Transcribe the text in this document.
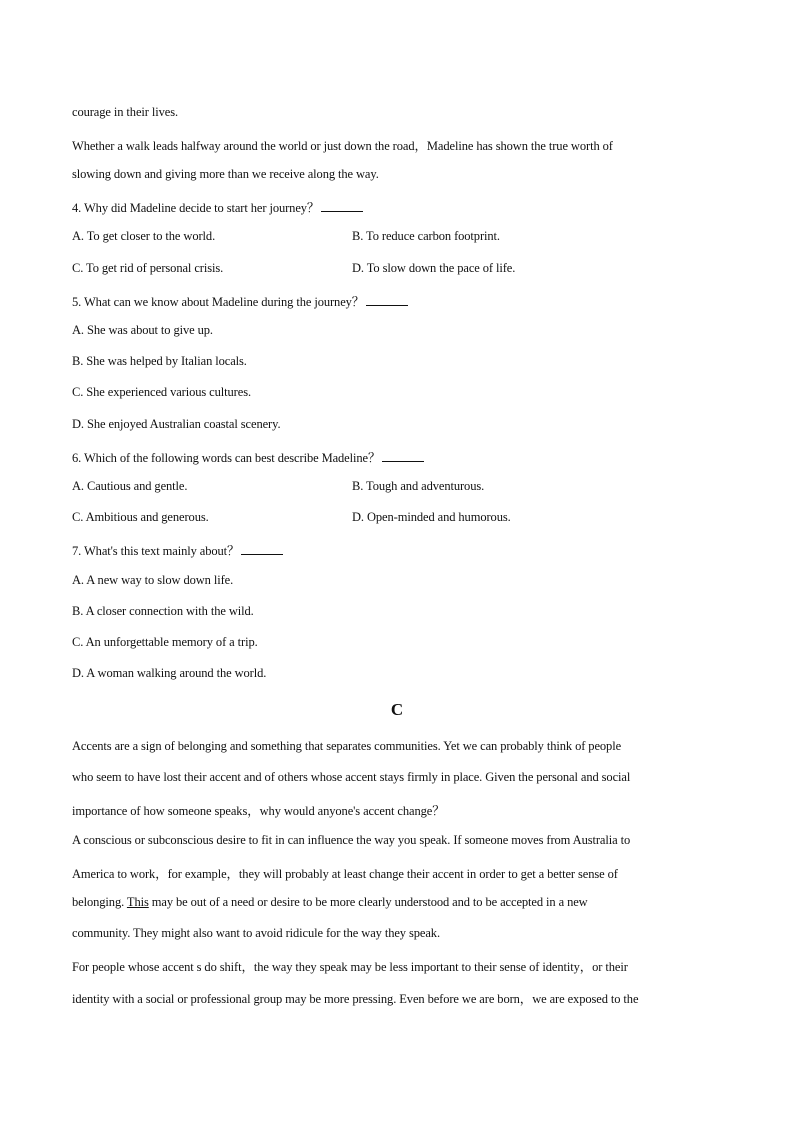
courage in their lives.
Whether a walk leads halfway around the world or just down the road，Madeline has shown the true worth of
slowing down and giving more than we receive along the way.
4. Why did Madeline decide to start her journey？
A. To get closer to the world.	B. To reduce carbon footprint.
C. To get rid of personal crisis.	D. To slow down the pace of life.
5. What can we know about Madeline during the journey？
A. She was about to give up.
B. She was helped by Italian locals.
C. She experienced various cultures.
D. She enjoyed Australian coastal scenery.
6. Which of the following words can best describe Madeline？
A. Cautious and gentle.	B. Tough and adventurous.
C. Ambitious and generous.	D. Open-minded and humorous.
7. What's this text mainly about？
A. A new way to slow down life.
B. A closer connection with the wild.
C. An unforgettable memory of a trip.
D. A woman walking around the world.
C
Accents are a sign of belonging and something that separates communities. Yet we can probably think of people
who seem to have lost their accent and of others whose accent stays firmly in place. Given the personal and social
importance of how someone speaks，why would anyone's accent change？
A conscious or subconscious desire to fit in can influence the way you speak. If someone moves from Australia to
America to work，for example，they will probably at least change their accent in order to get a better sense of
belonging. This may be out of a need or desire to be more clearly understood and to be accepted in a new
community. They might also want to avoid ridicule for the way they speak.
For people whose accent s do shift，the way they speak may be less important to their sense of identity，or their
identity with a social or professional group may be more pressing. Even before we are born，we are exposed to the
